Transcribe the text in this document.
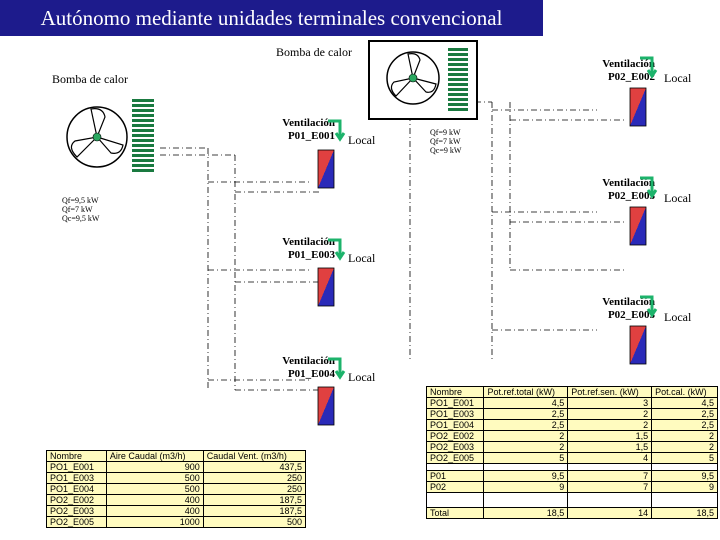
Autónomo mediante unidades terminales convencional
Bomba de calor
Bomba de calor
Qf=9 kW
Qf=7 kW
Qc=9 kW
Qf=9,5 kW
Qf=7 kW
Qc=9,5 kW
Ventilación
P02_E002 Local
Ventilación
P02_E003 Local
Ventilación
P02_E005 Local
Ventilación
P01_E001 Local
Ventilación
P01_E003 Local
Ventilación
P01_E004 Local
Nombre	Aire Caudal (m3/h)	Caudal Vent. (m3/h)
PO1_E001	900	437,5
PO1_E003	500	250
PO1_E004	500	250
PO2_E002	400	187,5
PO2_E003	400	187,5
PO2_E005	1000	500
Nombre	Pot.ref.total (kW)	Pot.ref.sen. (kW)	Pot.cal. (kW)
PO1_E001	4,5	3	4,5
PO1_E003	2,5	2	2,5
PO1_E004	2,5	2	2,5
PO2_E002	2	1,5	2
PO2_E003	2	1,5	2
PO2_E005	5	4	5

P01	9,5	7	9,5
P02	9	7	9

Total	18,5	14	18,5
